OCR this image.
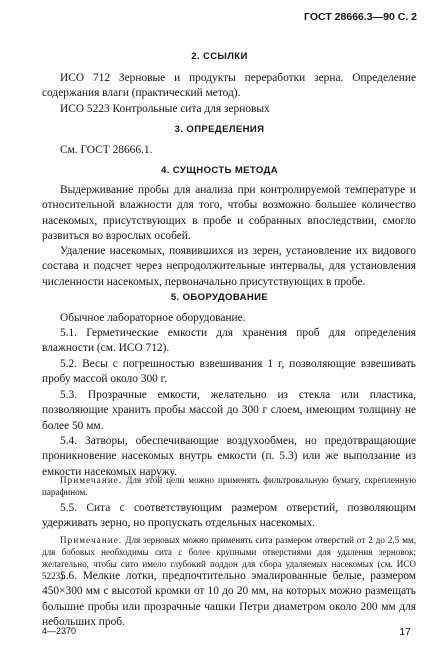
ГОСТ 28666.3—90 С. 2
2. ССЫЛКИ
ИСО 712 Зерновые и продукты переработки зерна. Определение содержания влаги (практический метод).
ИСО 5223 Контрольные сита для зерновых
3. ОПРЕДЕЛЕНИЯ
См. ГОСТ 28666.1.
4. СУЩНОСТЬ МЕТОДА
Выдерживание пробы для анализа при контролируемой температуре и относительной влажности для того, чтобы возможно большее количество насекомых, присутствующих в пробе и собранных впоследствии, смогло развиться во взрослых особей.
Удаление насекомых, появившихся из зерен, установление их видового состава и подсчет через непродолжительные интервалы, для установления численности насекомых, первоначально присутствующих в пробе.
5. ОБОРУДОВАНИЕ
Обычное лабораторное оборудование.
5.1. Герметические емкости для хранения проб для определения влажности (см. ИСО 712).
5.2. Весы с погрешностью взвешивания 1 г, позволяющие взвешивать пробу массой около 300 г.
5.3. Прозрачные емкости, желательно из стекла или пластика, позволяющие хранить пробы массой до 300 г слоем, имеющим толщину не более 50 мм.
5.4. Затворы, обеспечивающие воздухообмен, но предотвращающие проникновение насекомых внутрь емкости (п. 5.3) или же выползание из емкости насекомых наружу.
Примечание. Для этой цели можно применять фильтровальную бумагу, скрепленную парафином.
5.5. Сита с соответствующим размером отверстий, позволяющим удерживать зерно, но пропускать отдельных насекомых.
Примечание. Для зерновых можно применять сита размером отверстий от 2 до 2,5 мм, для бобовых необходимы сита с более крупными отверстиями для удаления зерновок; желательно, чтобы сито имело глубокий поддон для сбора удаляемых насекомых (см. ИСО 5223).
5.6. Мелкие лотки, предпочтительно эмалированные белые, размером 450×300 мм с высотой кромки от 10 до 20 мм, на которых можно размещать большие пробы или прозрачные чашки Петри диаметром около 200 мм для небольших проб.
4—2370	17
